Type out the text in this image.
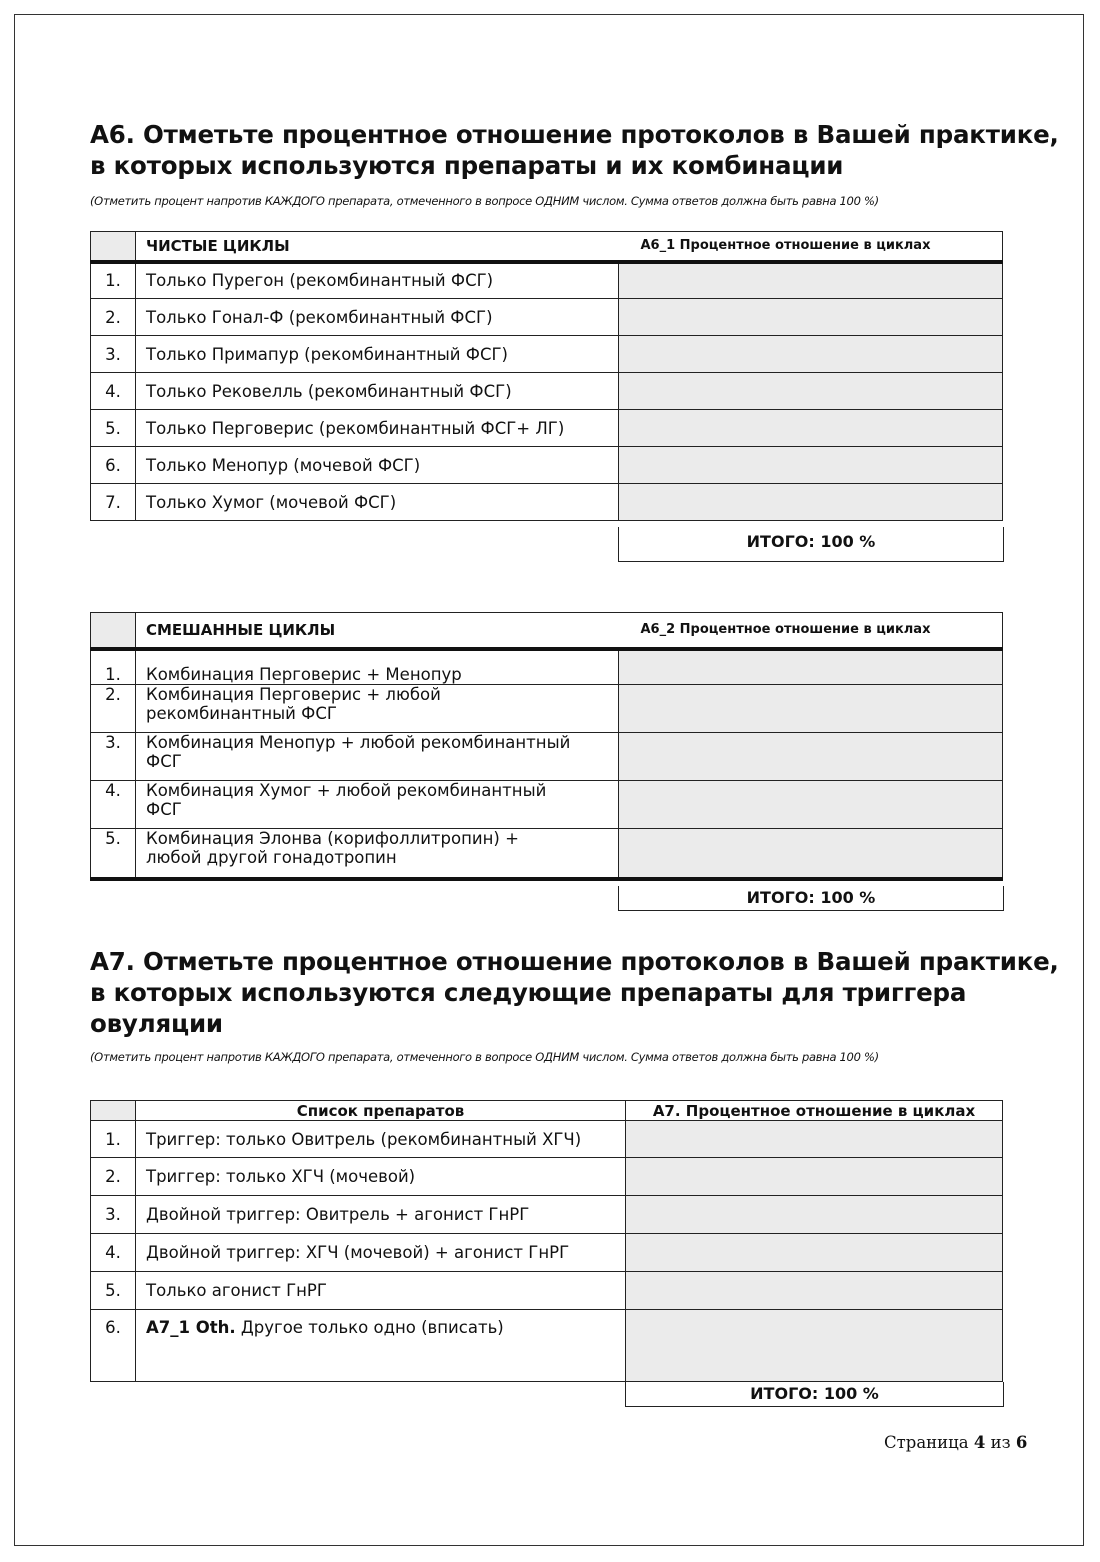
А6. Отметьте процентное отношение протоколов в Вашей практике,
в которых используются препараты и их комбинации
(Отметить процент напротив КАЖДОГО препарата, отмеченного в вопросе ОДНИМ числом. Сумма ответов должна быть равна 100 %)
	ЧИСТЫЕ ЦИКЛЫ	А6_1 Процентное отношение в циклах
1.	Только Пурегон (рекомбинантный ФСГ)	
2.	Только Гонал-Ф (рекомбинантный ФСГ)	
3.	Только Примапур (рекомбинантный ФСГ)	
4.	Только Рековелль (рекомбинантный ФСГ)	
5.	Только Перговерис (рекомбинантный ФСГ+ ЛГ)	
6.	Только Менопур (мочевой ФСГ)	
7.	Только Хумог (мочевой ФСГ)	
ИТОГО: 100 %
	СМЕШАННЫЕ ЦИКЛЫ	А6_2 Процентное отношение в циклах
1.	Комбинация Перговерис + Менопур	
2.	Комбинация Перговерис + любой рекомбинантный ФСГ	

3.	Комбинация Менопур + любой рекомбинантный ФСГ	

4.	Комбинация Хумог + любой рекомбинантный ФСГ	

5.	Комбинация Элонва (корифоллитропин) + любой другой гонадотропин	

ИТОГО: 100 %
А7. Отметьте процентное отношение протоколов в Вашей практике,
в которых используются следующие препараты для триггера
овуляции
(Отметить процент напротив КАЖДОГО препарата, отмеченного в вопросе ОДНИМ числом. Сумма ответов должна быть равна 100 %)
	Список препаратов	А7. Процентное отношение в циклах
1.	Триггер: только Овитрель (рекомбинантный ХГЧ)	
2.	Триггер: только ХГЧ (мочевой)	
3.	Двойной триггер: Овитрель + агонист ГнРГ	
4.	Двойной триггер: ХГЧ (мочевой) + агонист ГнРГ	
5.	Только агонист ГнРГ	
6.	А7_1 Oth. Другое только одно (вписать)	
ИТОГО: 100 %
Страница 4 из 6
